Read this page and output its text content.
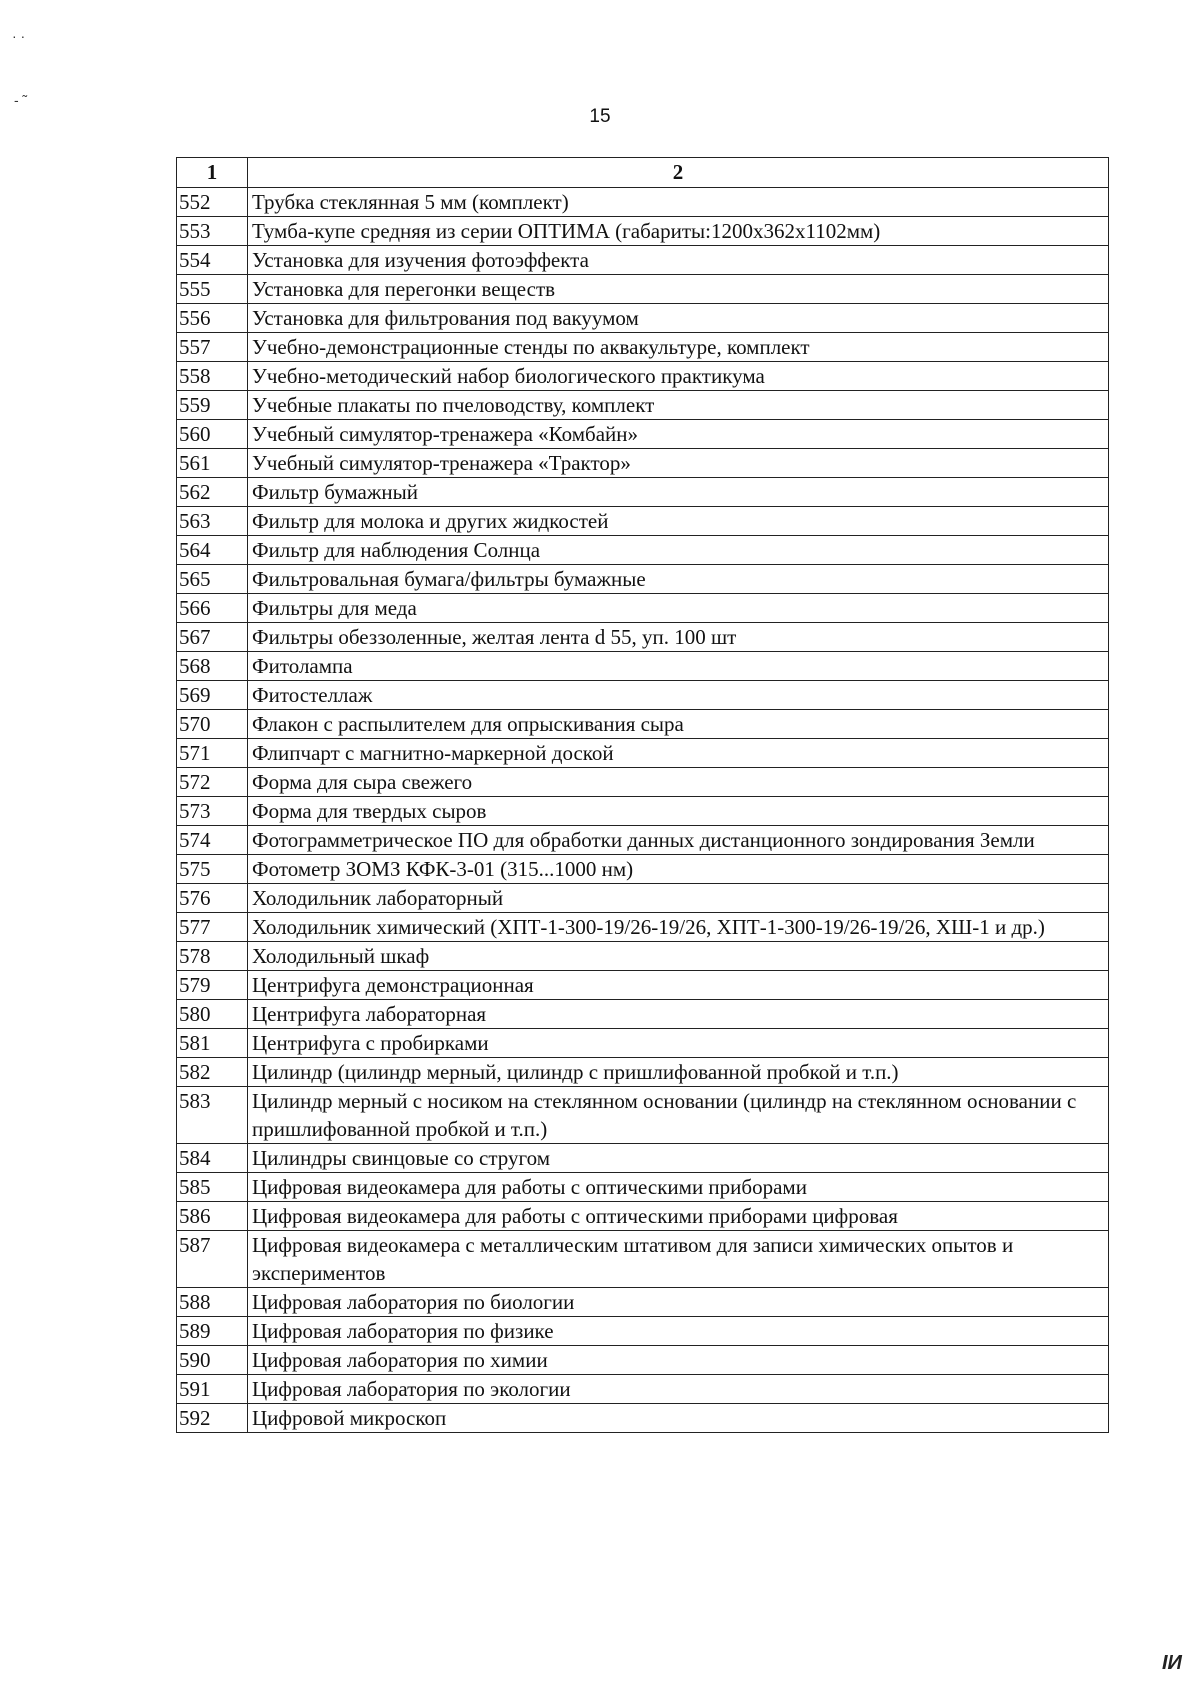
· ·
- ˜
15
1	2
552	Трубка стеклянная 5 мм (комплект)
553	Тумба-купе средняя из серии ОПТИМА (габариты:1200x362x1102мм)
554	Установка для изучения фотоэффекта
555	Установка для перегонки веществ
556	Установка для фильтрования под вакуумом
557	Учебно-демонстрационные стенды по аквакультуре, комплект
558	Учебно-методический набор биологического практикума
559	Учебные плакаты по пчеловодству, комплект
560	Учебный симулятор-тренажера «Комбайн»
561	Учебный симулятор-тренажера «Трактор»
562	Фильтр бумажный
563	Фильтр для молока и других жидкостей
564	Фильтр для наблюдения Солнца
565	Фильтровальная бумага/фильтры бумажные
566	Фильтры для меда
567	Фильтры обеззоленные, желтая лента d 55, уп. 100 шт
568	Фитолампа
569	Фитостеллаж
570	Флакон с распылителем для опрыскивания сыра
571	Флипчарт с магнитно-маркерной доской
572	Форма для сыра свежего
573	Форма для твердых сыров
574	Фотограмметрическое ПО для обработки данных дистанционного зондирования Земли
575	Фотометр ЗОМЗ КФК-3-01 (315...1000 нм)
576	Холодильник лабораторный
577	Холодильник химический (ХПТ-1-300-19/26-19/26, ХПТ-1-300-19/26-19/26, ХШ-1 и др.)
578	Холодильный шкаф
579	Центрифуга демонстрационная
580	Центрифуга лабораторная
581	Центрифуга с пробирками
582	Цилиндр (цилиндр мерный, цилиндр с пришлифованной пробкой и т.п.)
583	Цилиндр мерный с носиком на стеклянном основании (цилиндр на стеклянном основании с пришлифованной пробкой и т.п.)
584	Цилиндры свинцовые со стругом
585	Цифровая видеокамера для работы с оптическими приборами
586	Цифровая видеокамера для работы с оптическими приборами цифровая
587	Цифровая видеокамера с металлическим штативом для записи химических опытов и экспериментов
588	Цифровая лаборатория по биологии
589	Цифровая лаборатория по физике
590	Цифровая лаборатория по химии
591	Цифровая лаборатория по экологии
592	Цифровой микроскоп
IИ
